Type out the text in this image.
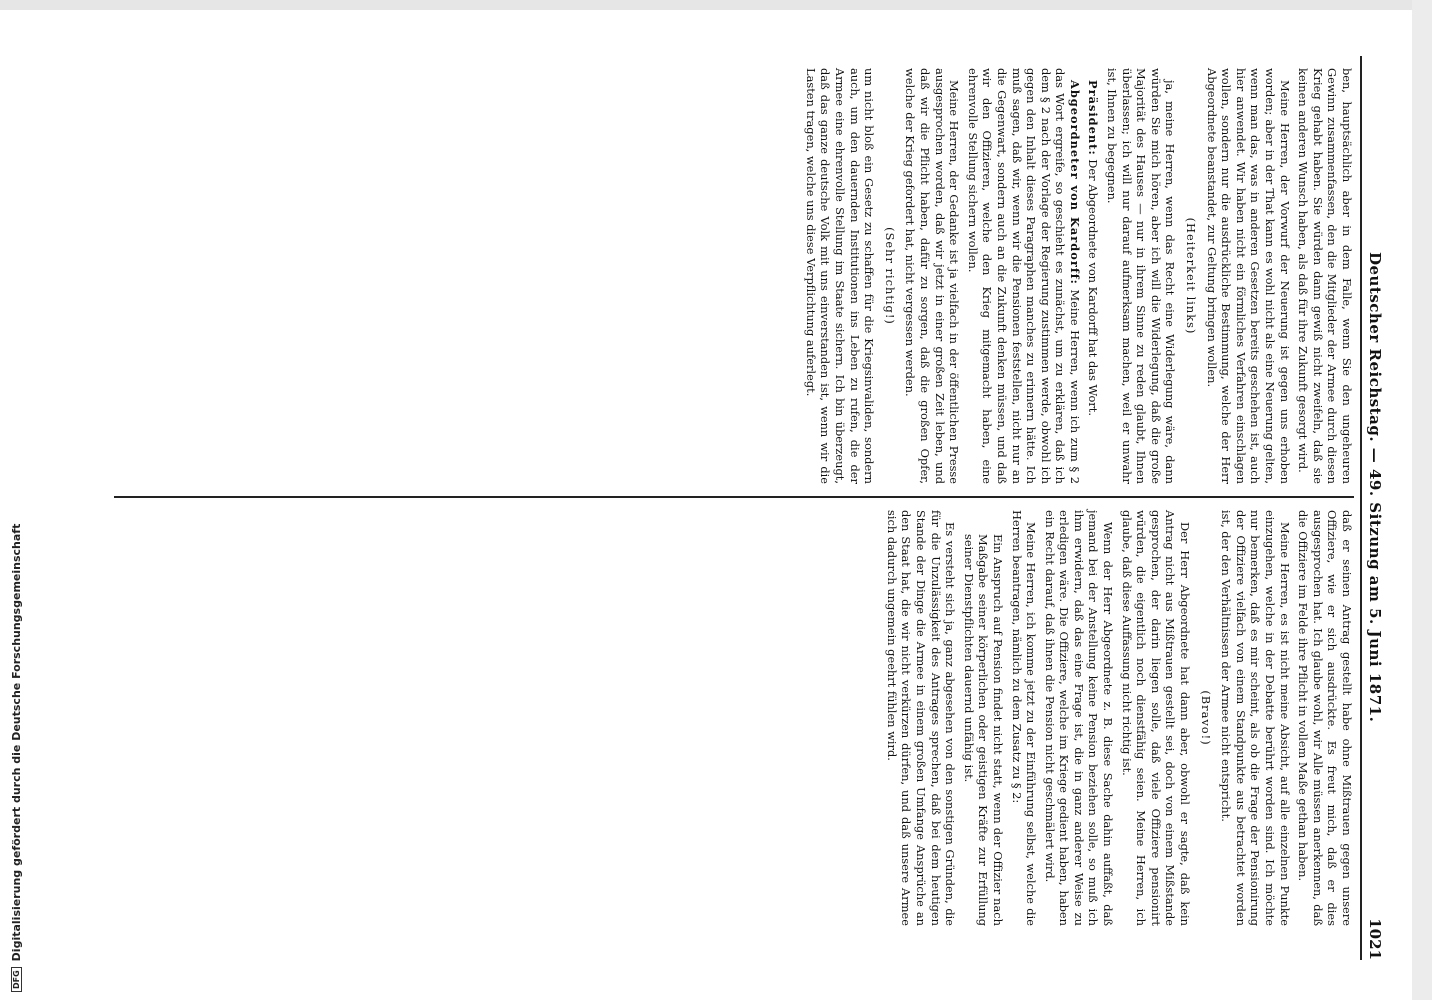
Deutscher Reichstag. — 49. Sitzung am 5. Juni 1871.
1021

ben, hauptsächlich aber in dem Falle, wenn Sie den ungeheuren Gewinn zusammenfassen, den die Mitglieder der Armee durch diesen Krieg gehabt haben. Sie würden dann gewiß nicht zweifeln, daß sie keinen anderen Wunsch haben, als daß für ihre Zukunft gesorgt wird.

Meine Herren, der Vorwurf der Neuerung ist gegen uns erhoben worden; aber in der That kann es wohl nicht als eine Neuerung gelten, wenn man das, was in anderen Gesetzen bereits geschehen ist, auch hier anwendet. Wir haben nicht ein förmliches Verfahren einschlagen wollen, sondern nur die ausdrückliche Bestimmung, welche der Herr Abgeordnete beanstandet, zur Geltung bringen wollen.

(Heiterkeit links)

ja, meine Herren, wenn das Recht eine Widerlegung wäre, dann würden Sie mich hören, aber ich will die Widerlegung, daß die große Majorität des Hauses — nur in ihrem Sinne zu reden glaubt, Ihnen überlassen; ich will nur darauf aufmerksam machen, weil er unwahr ist, Ihnen zu begegnen.

Präsident: Der Abgeordnete von Kardorff hat das Wort.

Abgeordneter von Kardorff: Meine Herren, wenn ich zum § 2 das Wort ergreife, so geschieht es zunächst, um zu erklären, daß ich dem § 2 nach der Vorlage der Regierung zustimmen werde, obwohl ich gegen den Inhalt dieses Paragraphen manches zu erinnern hätte. Ich muß sagen, daß wir, wenn wir die Pensionen feststellen, nicht nur an die Gegenwart, sondern auch an die Zukunft denken müssen, und daß wir den Offizieren, welche den Krieg mitgemacht haben, eine ehrenvolle Stellung sichern wollen.

Meine Herren, der Gedanke ist ja vielfach in der öffentlichen Presse ausgesprochen worden, daß wir jetzt in einer großen Zeit leben, und daß wir die Pflicht haben, dafür zu sorgen, daß die großen Opfer, welche der Krieg gefordert hat, nicht vergessen werden.

(Sehr richtig!)

um nicht bloß ein Gesetz zu schaffen für die Kriegsinvaliden, sondern auch, um den dauernden Institutionen ins Leben zu rufen, die der Armee eine ehrenvolle Stellung im Staate sichern. Ich bin überzeugt, daß das ganze deutsche Volk mit uns einverstanden ist, wenn wir die Lasten tragen, welche uns diese Verpflichtung auferlegt.

daß er seinen Antrag gestellt habe ohne Mißtrauen gegen unsere Offiziere, wie er sich ausdrückte. Es freut mich, daß er dies ausgesprochen hat. Ich glaube wohl, wir Alle müssen anerkennen, daß die Offiziere im Felde ihre Pflicht in vollem Maße gethan haben.

Meine Herren, es ist nicht meine Absicht, auf alle einzelnen Punkte einzugehen, welche in der Debatte berührt worden sind. Ich möchte nur bemerken, daß es mir scheint, als ob die Frage der Pensionirung der Offiziere vielfach von einem Standpunkte aus betrachtet worden ist, der den Verhältnissen der Armee nicht entspricht.

(Bravo!)

Der Herr Abgeordnete hat dann aber, obwohl er sagte, daß kein Antrag nicht aus Mißtrauen gestellt sei, doch von einem Mißstande gesprochen, der darin liegen solle, daß viele Offiziere pensionirt würden, die eigentlich noch dienstfähig seien. Meine Herren, ich glaube, daß diese Auffassung nicht richtig ist.

Wenn der Herr Abgeordnete z. B. diese Sache dahin auffaßt, daß jemand bei der Anstellung keine Pension beziehen solle, so muß ich ihm erwidern, daß das eine Frage ist, die in ganz anderer Weise zu erledigen wäre. Die Offiziere, welche im Kriege gedient haben, haben ein Recht darauf, daß ihnen die Pension nicht geschmälert wird.

Meine Herren, ich komme jetzt zu der Einführung selbst, welche die Herren beantragen, nämlich zu dem Zusatz zu § 2:

Ein Anspruch auf Pension findet nicht statt, wenn der Offizier nach Maßgabe seiner körperlichen oder geistigen Kräfte zur Erfüllung seiner Dienstpflichten dauernd unfähig ist.

Es versteht sich ja, ganz abgesehen von den sonstigen Gründen, die für die Unzulässigkeit des Antrages sprechen, daß bei dem heutigen Stande der Dinge die Armee in einem großen Umfange Ansprüche an den Staat hat, die wir nicht verkürzen dürfen, und daß unsere Armee sich dadurch ungemein geehrt fühlen wird.

DFG
Digitalisierung gefördert durch die Deutsche Forschungsgemeinschaft
